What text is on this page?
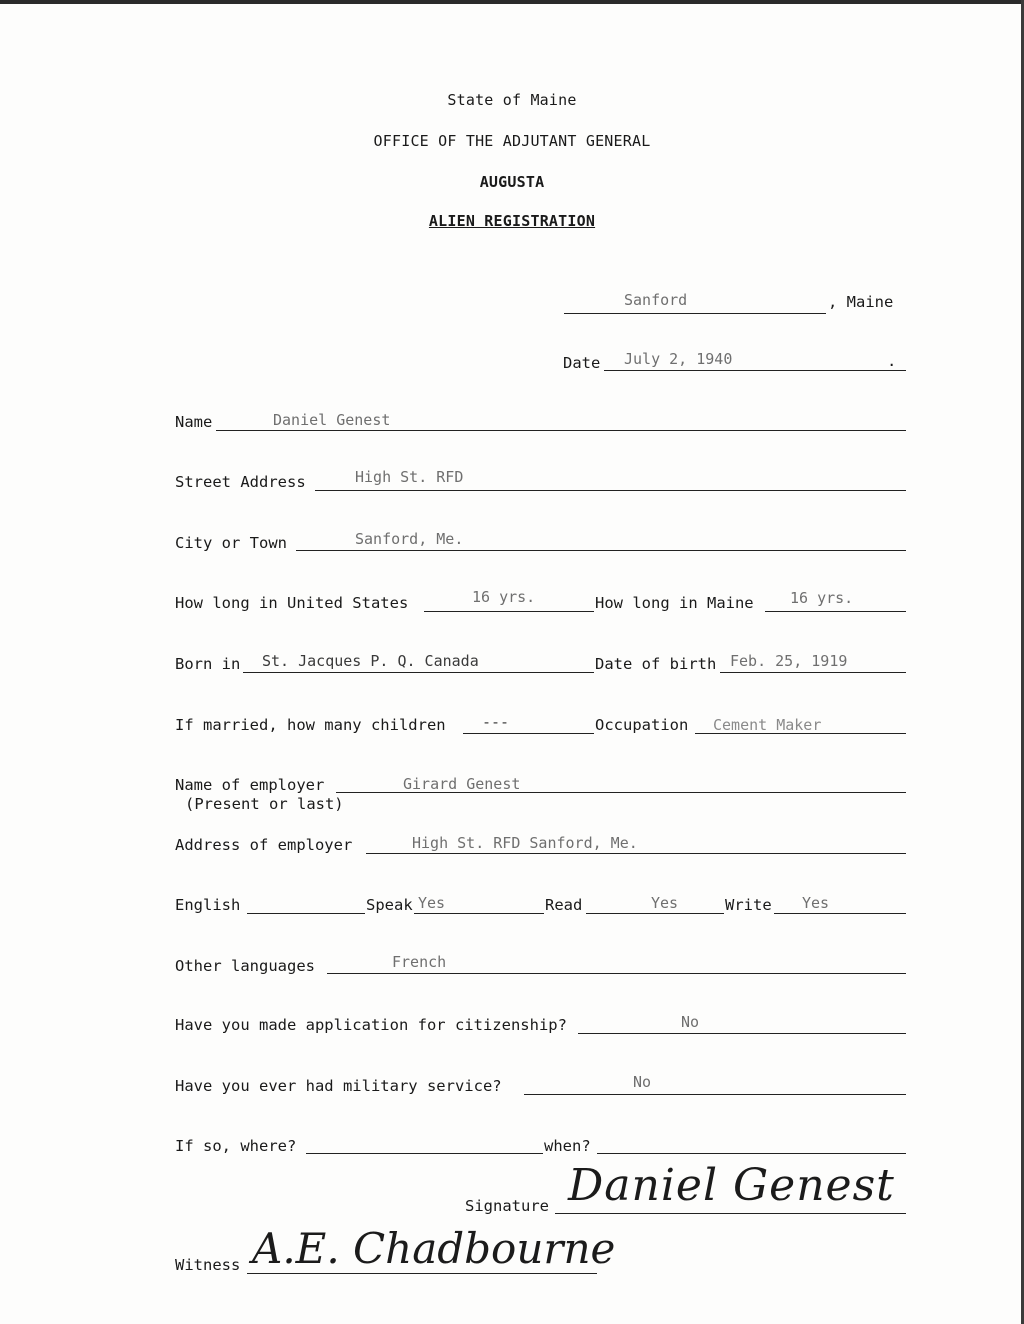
State of Maine
OFFICE OF THE ADJUTANT GENERAL
AUGUSTA
ALIEN REGISTRATION
Sanford	, Maine
Date July 2, 1940	.
Name	Daniel Genest
Street Address	High St. RFD
City or Town	Sanford, Me.
How long in United States	16 yrs.	How long in Maine 16 yrs.
Born in St. Jacques P. Q. Canada	Date of birth Feb. 25, 1919
If married, how many children ---	Occupation Cement Maker
Name of employer
(Present or last)
Girard Genest
Address of employer	High St. RFD Sanford, Me.
English	Speak Yes	Read	Yes	Write Yes
Other languages	French
Have you made application for citizenship?	No
Have you ever had military service?	No
If so, where?	when?
Signature Daniel Genest
Witness A.E. Chadbourne
